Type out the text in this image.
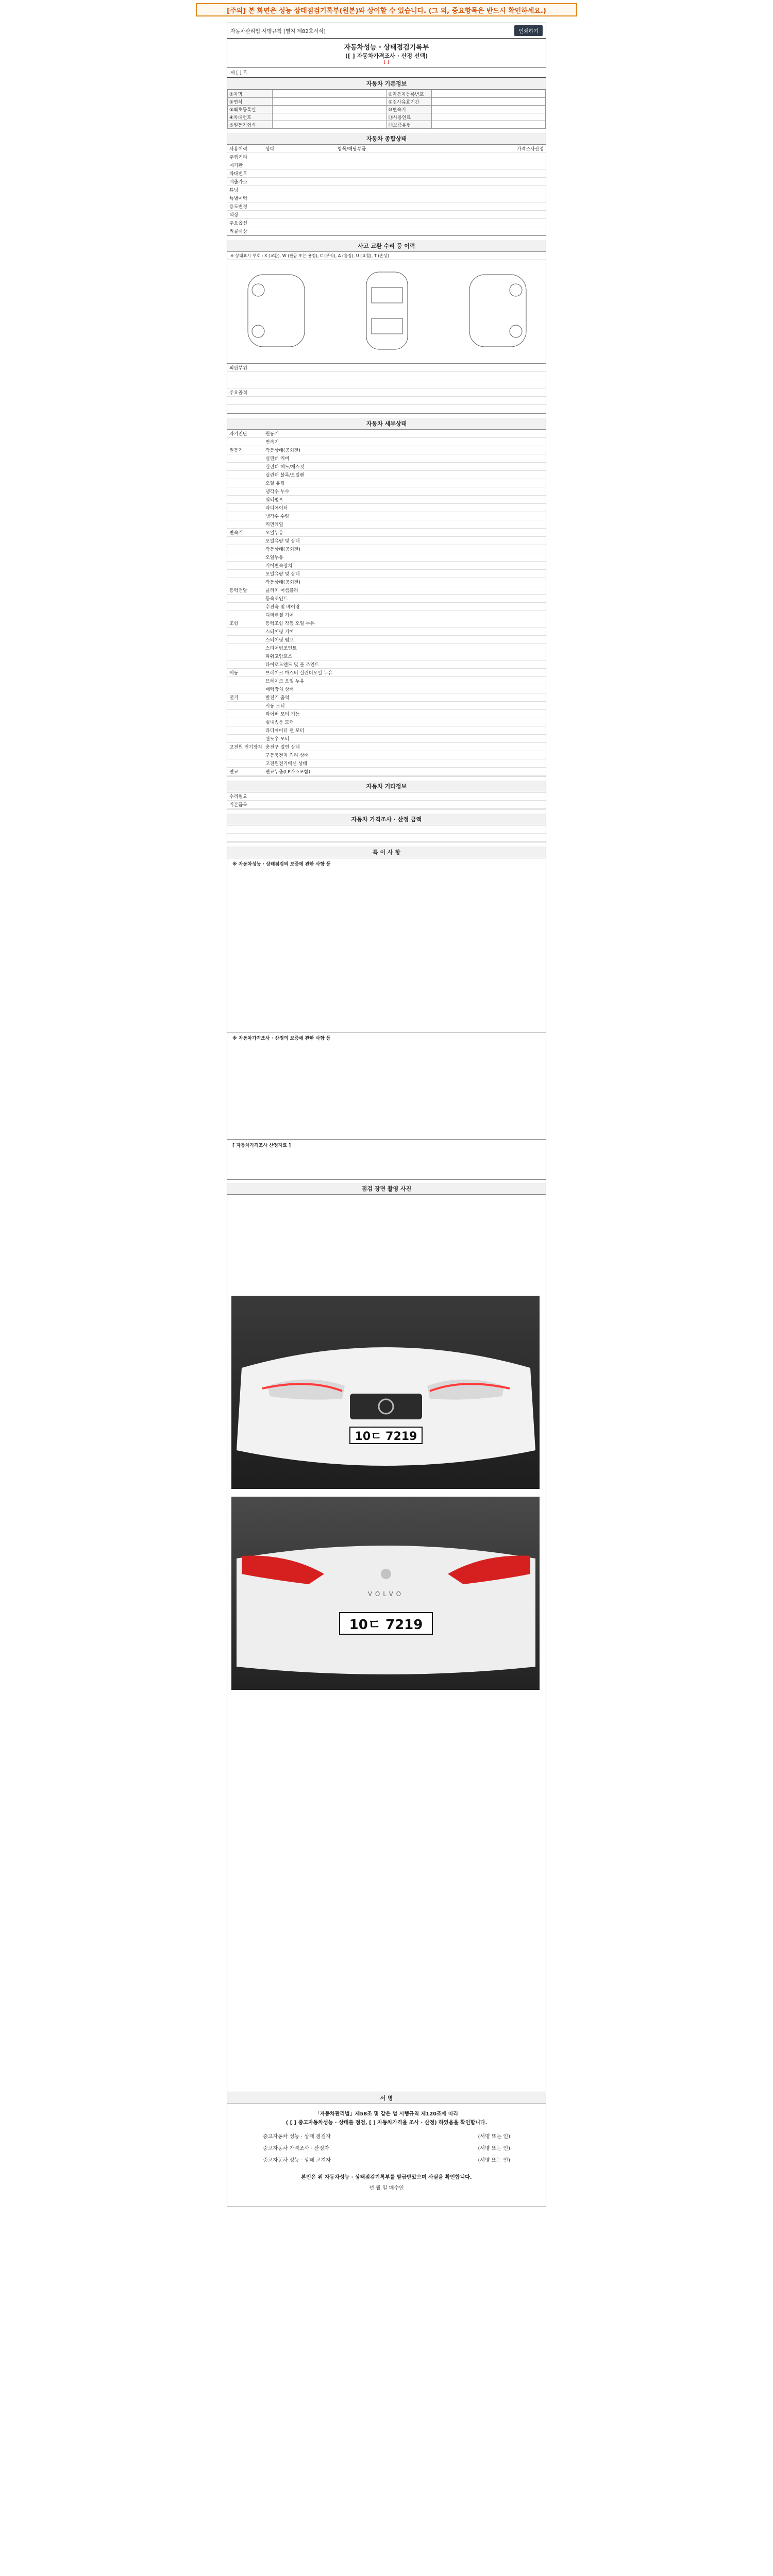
[주의] 본 화면은 성능 상태점검기록부(원본)와 상이할 수 있습니다. (그 외, 중요항목은 반드시 확인하세요.)
자동차관리법 시행규칙 [별지 제82호서식]	인쇄하기
자동차성능 · 상태점검기록부
([ ] 자동차가격조사 · 산정 선택)
[ ]
제 [ ] 호
자동차 기본정보
①차명		⑧자동차등록번호	
②연식		⑨검사유효기간	
③최초등록일		⑩변속기	
④차대번호		⑪사용연료	
⑤원동기형식		⑫보증유형	
자동차 종합상태
사용이력	상태	항목/해당부품	가격조사산정
주행거리
계기판
차대번호
배출가스
튜닝
특별이력
용도변경
색상
주요옵션
리콜대상
사고 교환 수리 등 이력
※ 상태표시 부호 : X (교환), W (판금 또는 용접), C (부식), A (흠집), U (요철), T (손상)
외판부위
주요골격
자동차 세부상태
자기진단	원동기
변속기
원동기	작동상태(공회전)
실린더 커버
실린더 헤드/개스킷
실린더 블록/오일팬
오일 유량
냉각수 누수
워터펌프
라디에이터
냉각수 수량
커먼레일
변속기	오일누유
오일유량 및 상태
작동상태(공회전)
오일누유
기어변속장치
오일유량 및 상태
작동상태(공회전)
동력전달	클러치 어셈블리
등속조인트
추진축 및 베어링
디퍼렌셜 기어
조향	동력조향 작동 오일 누유
스티어링 기어
스티어링 펌프
스티어링조인트
파워고압호스
타이로드엔드 및 볼 조인트
제동	브레이크 마스터 실린더오일 누유
브레이크 오일 누유
배력장치 상태
전기	발전기 출력
시동 모터
와이퍼 모터 기능
실내송풍 모터
라디에이터 팬 모터
윈도우 모터
고전원 전기장치 충전구 절연 상태
구동축전지 격리 상태
고전원전기배선 상태
연료	연료누출(LP가스포함)
자동차 기타정보
수리필요
기본품목
자동차 가격조사 · 산정 금액
특 이 사 항
※ 자동차성능 · 상태점검의 보증에 관한 사항 등
※ 자동차가격조사 · 산정의 보증에 관한 사항 등
[ 자동차가격조사 산정자료 ]
점검 장면 촬영 사진
10ㄷ 7219
10ㄷ 7219
VOLVO
서 명
「자동차관리법」제58조 및 같은 법 시행규칙 제120조에 따라
( [ ] 중고자동차성능 · 상태를 점검, [ ] 자동차가격을 조사 · 산정) 하였음을 확인합니다.
중고자동차 성능 · 상태 점검자	(서명 또는 인)
중고자동차 가격조사 · 산정자	(서명 또는 인)
중고자동차 성능 · 상태 고지자	(서명 또는 인)
본인은 위 자동차성능 · 상태점검기록부를 발급받았으며 사실을 확인합니다.
년 월 일 매수인
